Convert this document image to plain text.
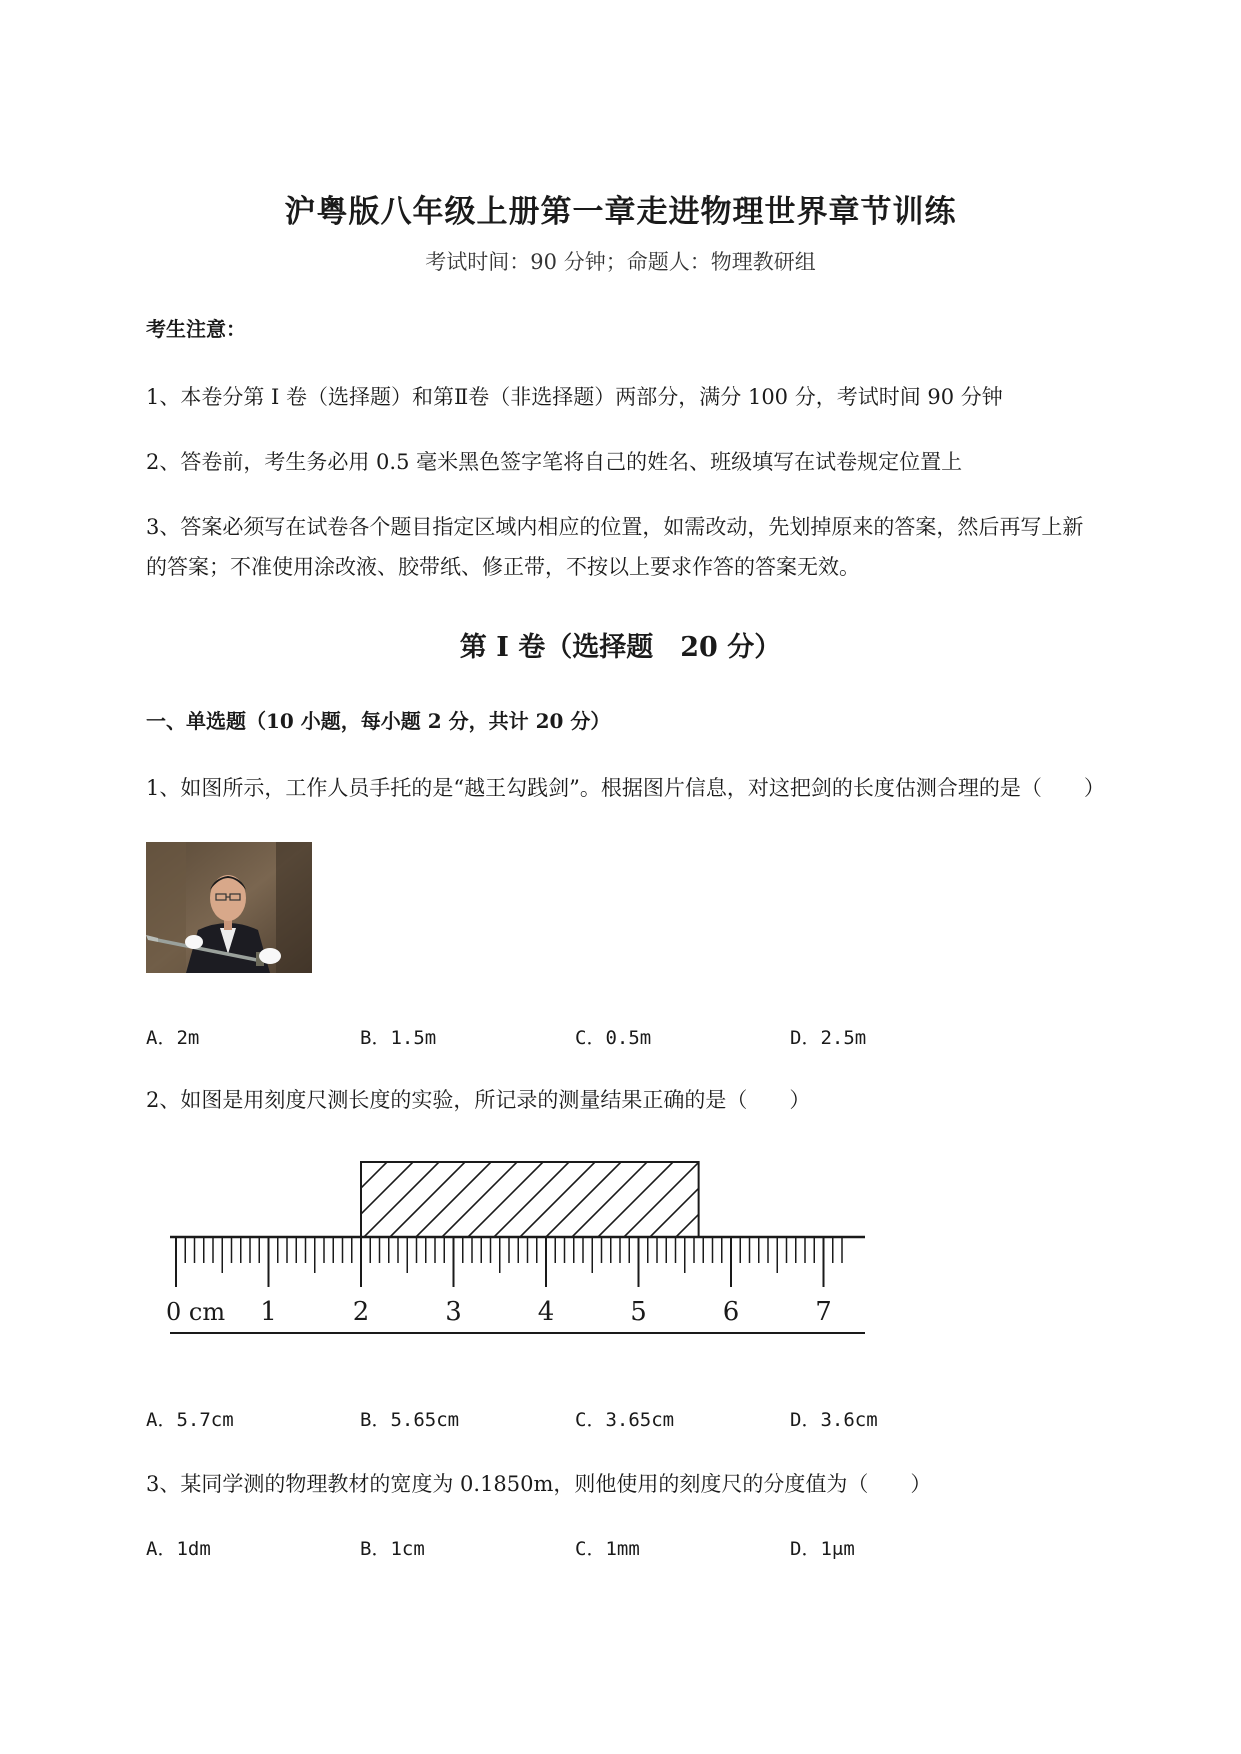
沪粤版八年级上册第一章走进物理世界章节训练
考试时间：90 分钟；命题人：物理教研组
考生注意：
1、本卷分第 I 卷（选择题）和第Ⅱ卷（非选择题）两部分，满分 100 分，考试时间 90 分钟
2、答卷前，考生务必用 0.5 毫米黑色签字笔将自己的姓名、班级填写在试卷规定位置上
3、答案必须写在试卷各个题目指定区域内相应的位置，如需改动，先划掉原来的答案，然后再写上新
的答案；不准使用涂改液、胶带纸、修正带，不按以上要求作答的答案无效。
第 I 卷（选择题　20 分）
一、单选题（10 小题，每小题 2 分，共计 20 分）
1、如图所示，工作人员手托的是“越王勾践剑”。根据图片信息，对这把剑的长度估测合理的是（　　）
A．2m	B．1.5m	C．0.5m	D．2.5m
2、如图是用刻度尺测长度的实验，所记录的测量结果正确的是（　　）
0 cm 1	2	3	4	5	6	7
A．5.7cm	B．5.65cm	C．3.65cm	D．3.6cm
3、某同学测的物理教材的宽度为 0.1850m，则他使用的刻度尺的分度值为（　　）
A．1dm	B．1cm	C．1mm	D．1μm
